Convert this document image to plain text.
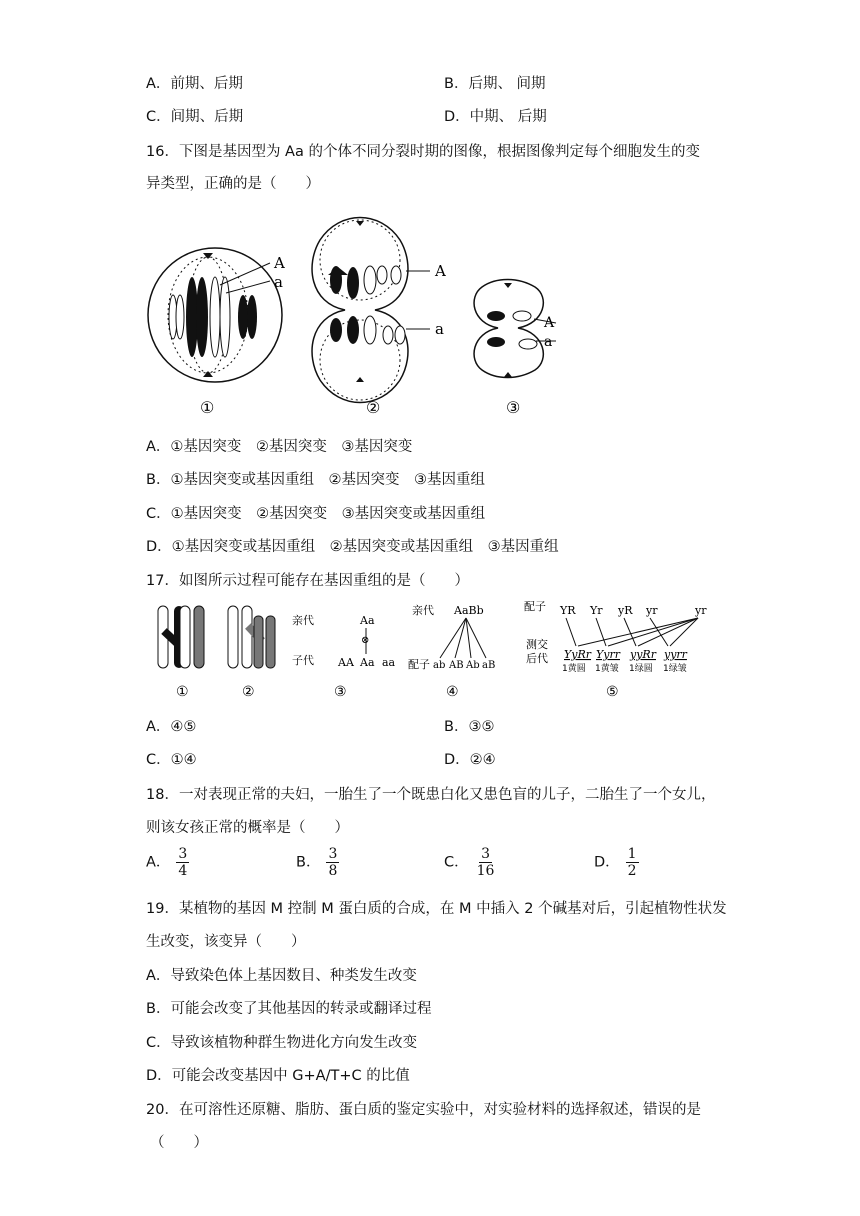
A．前期、后期	B．后期、 间期
C．间期、后期	D．中期、 后期
16．下图是基因型为 Aa 的个体不同分裂时期的图像，根据图像判定每个细胞发生的变
异类型，正确的是（　　）
A
a
A
a	A
a
①	②	③
A．①基因突变　②基因突变　③基因突变
B．①基因突变或基因重组　②基因突变　③基因重组
C．①基因突变　②基因突变　③基因突变或基因重组
D．①基因突变或基因重组　②基因突变或基因重组　③基因重组
17．如图所示过程可能存在基因重组的是（　　）
亲代
子代
Aa
⊗
AA Aa aa
亲代 AaBb
配子 ab AB Ab aB
配子 YR Yr yR yr	yr
测交
后代 YyRr Yyrr yyRr yyrr
1黄圆 1黄皱 1绿圆 1绿皱
①	②	③	④	⑤
A．④⑤	B．③⑤
C．①④	D．②④
18．一对表现正常的夫妇，一胎生了一个既患白化又患色盲的儿子，二胎生了一个女儿，
则该女孩正常的概率是（　　）
A． $\frac{3}{4}$	B． $\frac{3}{8}$	C． $\frac{3}{16}$	D． $\frac{1}{2}$
19．某植物的基因 M 控制 M 蛋白质的合成，在 M 中插入 2 个碱基对后，引起植物性状发
生改变，该变异（　　）
A．导致染色体上基因数目、种类发生改变
B．可能会改变了其他基因的转录或翻译过程
C．导致该植物种群生物进化方向发生改变
D．可能会改变基因中 G+A/T+C 的比值
20．在可溶性还原糖、脂肪、蛋白质的鉴定实验中，对实验材料的选择叙述，错误的是
（　　）
